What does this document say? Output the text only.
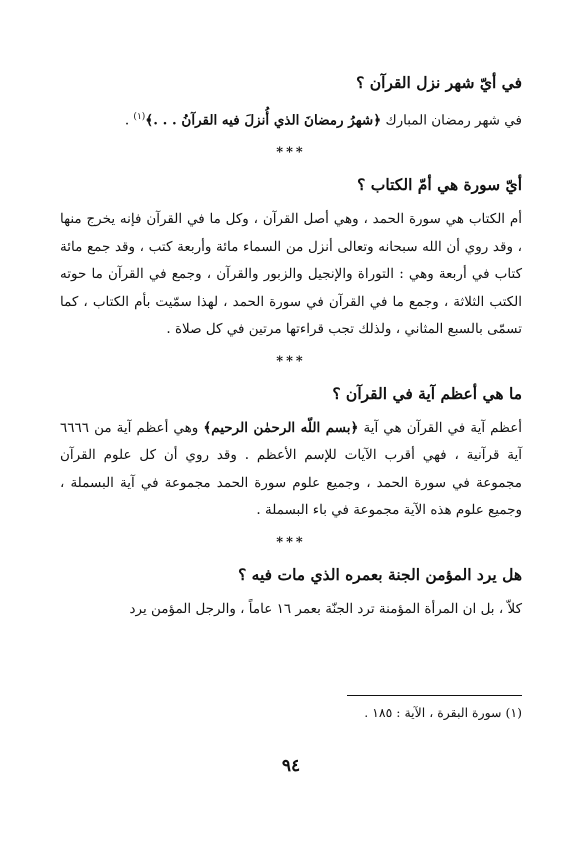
في أيّ شهر نزل القرآن ؟

في شهر رمضان المبارك ﴿شهرُ رمضانَ الذي أُنزلَ فيه القرآنُ . . .﴾$^{(١)}$ .

***
أيّ سورة هي أمّ الكتاب ؟

أم الكتاب هي سورة الحمد ، وهي أصل القرآن ، وكل ما في القرآن فإنه يخرج منها ، وقد روي أن الله سبحانه وتعالى أنزل من السماء مائة وأربعة كتب ، وقد جمع مائة كتاب في أربعة وهي : التوراة والإنجيل والزبور والقرآن ، وجمع في القرآن ما حوته الكتب الثلاثة ، وجمع ما في القرآن في سورة الحمد ، لهذا سمّيت بأم الكتاب ، كما تسمّى بالسبع المثاني ، ولذلك تجب قراءتها مرتين في كل صلاة .

***
ما هي أعظم آية في القرآن ؟

أعظم آية في القرآن هي آية ﴿بسم اللّه الرحمٰن الرحيم﴾ وهي أعظم آية من ٦٦٦٦ آية قرآنية ، فهي أقرب الآيات للإسم الأعظم . وقد روي أن كل علوم القرآن مجموعة في سورة الحمد ، وجميع علوم سورة الحمد مجموعة في آية البسملة ، وجميع علوم هذه الآية مجموعة في باء البسملة .

***
هل يرد المؤمن الجنة بعمره الذي مات فيه ؟

كلاّ ، بل ان المرأة المؤمنة ترد الجنّة بعمر ١٦ عاماً ، والرجل المؤمن يرد

(١) سورة البقرة ، الآية : ١٨٥ .
٩٤
